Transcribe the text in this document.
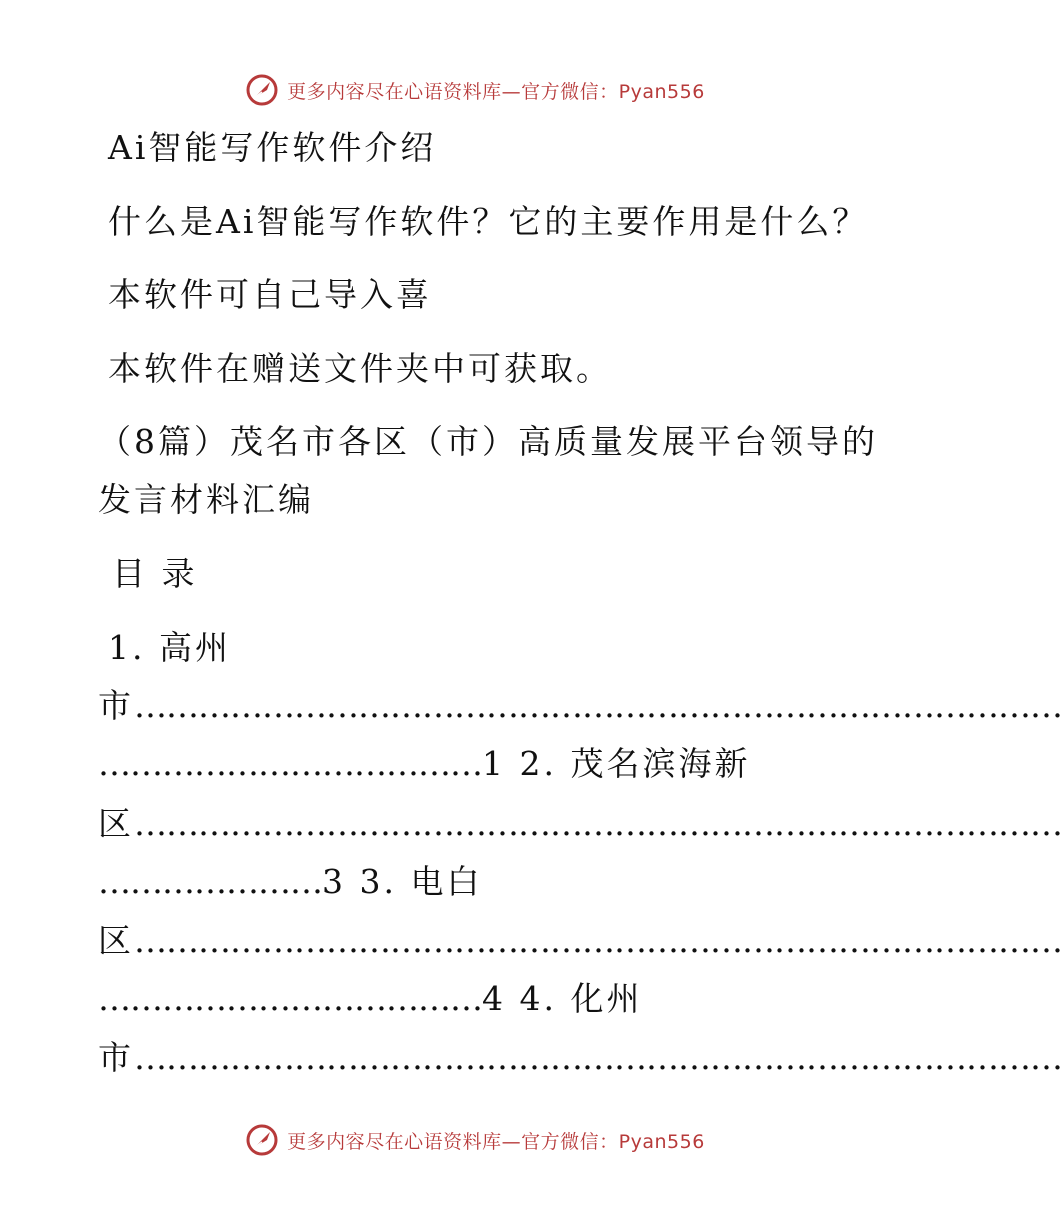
更多内容尽在心语资料库—官方微信：Pyan556
Ai智能写作软件介绍
什么是Ai智能写作软件？它的主要作用是什么？
本软件可自己导入喜
本软件在赠送文件夹中可获取。
（8篇）茂名市各区（市）高质量发展平台领导的
发言材料汇编
目 录
1. 高州
市……………………………………………………………………………
………………………………1 2. 茂名滨海新
区……………………………………………………………………………
…………………3 3. 电白
区……………………………………………………………………………
………………………………4 4. 化州
市……………………………………………………………………………
更多内容尽在心语资料库—官方微信：Pyan556
